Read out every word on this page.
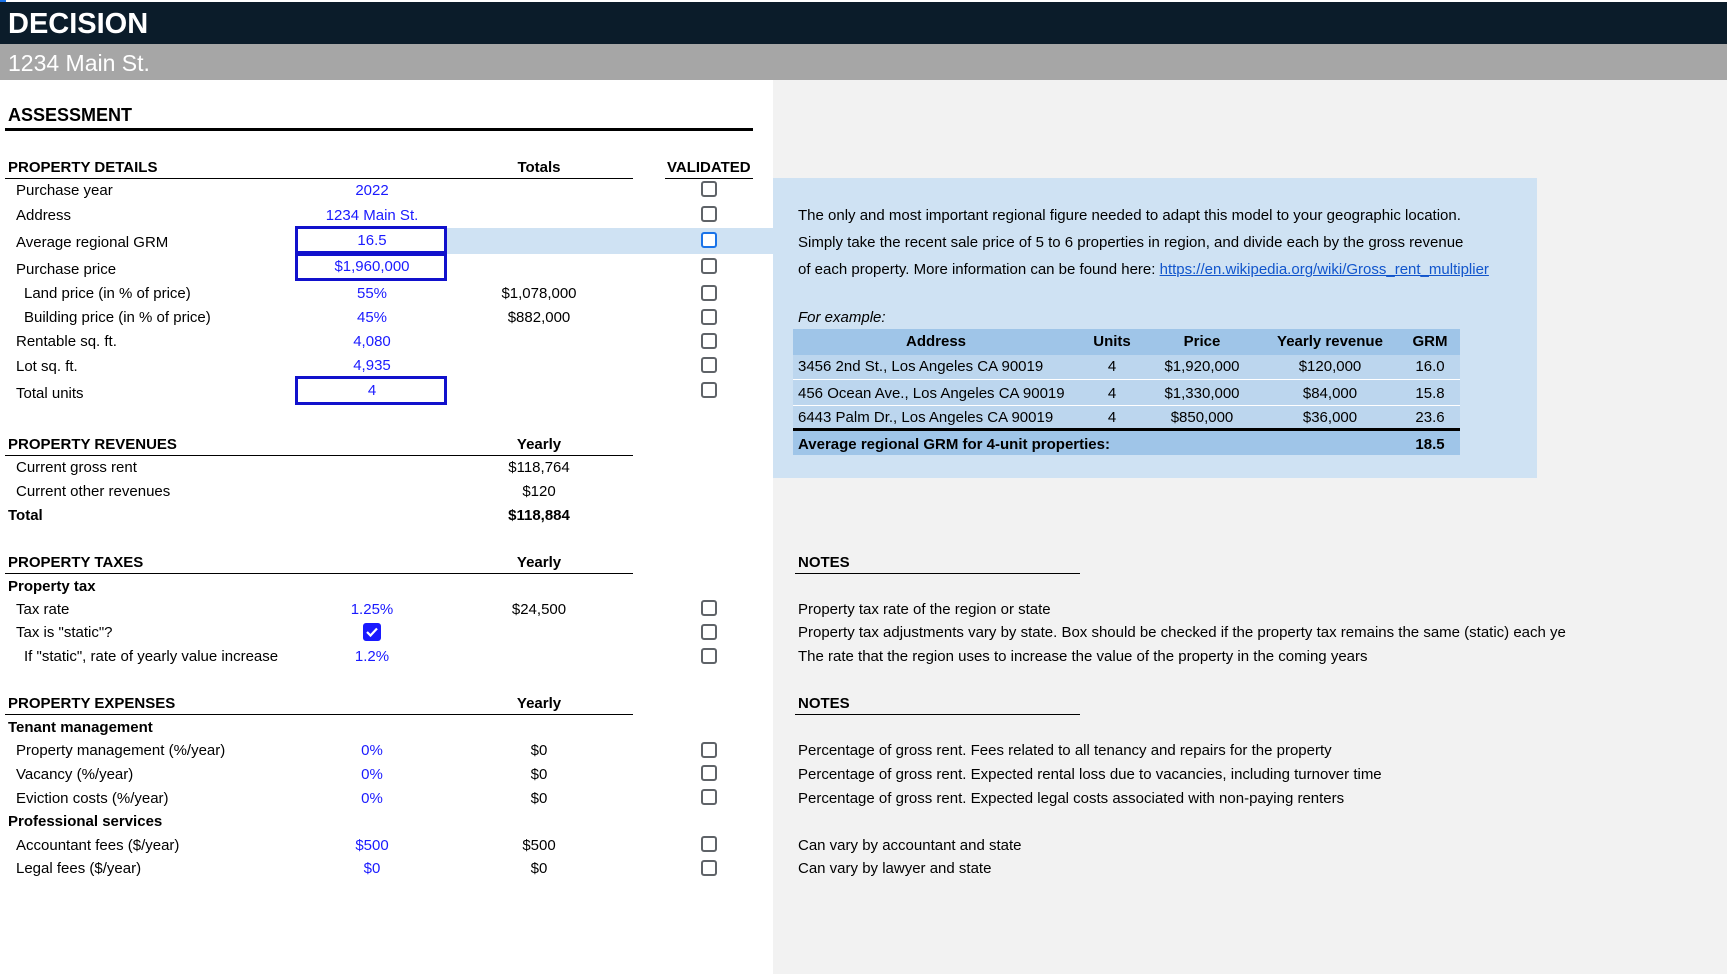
DECISION
1234 Main St.
ASSESSMENT
PROPERTY DETAILS	Totals	VALIDATED
Purchase year	2022
Address	1234 Main St.
Average regional GRM	16.5
Purchase price	$1,960,000
Land price (in % of price)	55%	$1,078,000
Building price (in % of price)	45%	$882,000
Rentable sq. ft.	4,080
Lot sq. ft.	4,935
Total units	4
PROPERTY REVENUES	Yearly
Current gross rent	$118,764
Current other revenues	$120
Total	$118,884
PROPERTY TAXES	Yearly
Property tax
Tax rate	1.25%	$24,500
Tax is "static"?
If "static", rate of yearly value increase	1.2%
PROPERTY EXPENSES	Yearly
Tenant management
Property management (%/year)	0%	$0
Vacancy (%/year)	0%	$0
Eviction costs (%/year)	0%	$0
Professional services
Accountant fees ($/year)	$500	$500
Legal fees ($/year)	$0	$0
The only and most important regional figure needed to adapt this model to your geographic location.
Simply take the recent sale price of 5 to 6 properties in region, and divide each by the gross revenue
of each property. More information can be found here: https://en.wikipedia.org/wiki/Gross_rent_multiplier
For example:
Address	Units	Price	Yearly revenue	GRM
3456 2nd St., Los Angeles CA 90019	4	$1,920,000	$120,000	16.0
456 Ocean Ave., Los Angeles CA 90019	4	$1,330,000	$84,000	15.8
6443 Palm Dr., Los Angeles CA 90019	4	$850,000	$36,000	23.6
Average regional GRM for 4-unit properties:	18.5
NOTES
Property tax rate of the region or state
Property tax adjustments vary by state. Box should be checked if the property tax remains the same (static) each ye
The rate that the region uses to increase the value of the property in the coming years
NOTES
Percentage of gross rent. Fees related to all tenancy and repairs for the property
Percentage of gross rent. Expected rental loss due to vacancies, including turnover time
Percentage of gross rent. Expected legal costs associated with non-paying renters
Can vary by accountant and state
Can vary by lawyer and state
